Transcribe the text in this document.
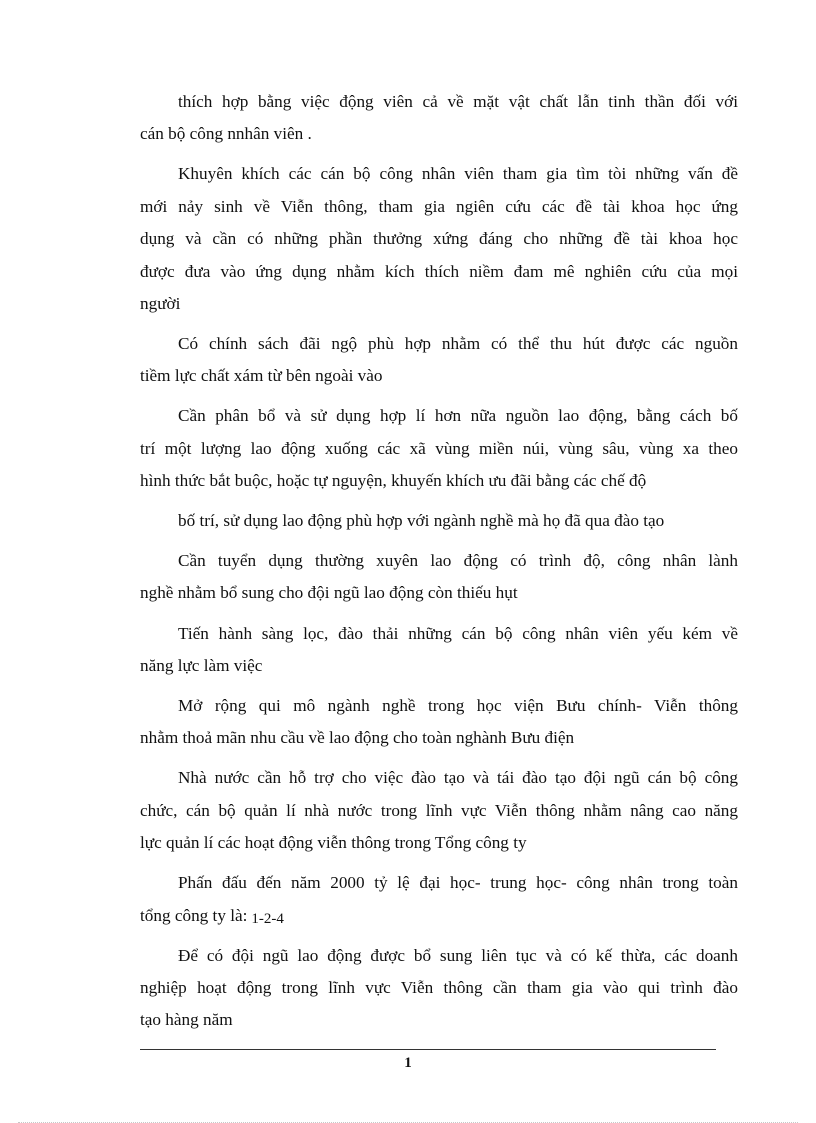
thích hợp bằng việc động viên cả về mặt vật chất lẫn tinh thần đối với
cán bộ công nnhân viên .
Khuyên khích các cán bộ công nhân viên tham gia tìm tòi những vấn đề
mới nảy sinh về Viễn thông, tham gia ngiên cứu các đề tài khoa học ứng
dụng và cần có những phần thưởng xứng đáng cho những đề tài khoa học
được đưa vào ứng dụng nhằm kích thích niềm đam mê nghiên cứu của mọi
người
Có chính sách đãi ngộ phù hợp nhằm có thể thu hút được các nguồn
tiềm lực chất xám từ bên ngoài vào
Cần phân bổ và sử dụng hợp lí hơn nữa nguồn lao động, bằng cách bố
trí một lượng lao động xuống các xã vùng miền núi, vùng sâu, vùng xa theo
hình thức bắt buộc, hoặc tự nguyện, khuyến khích ưu đãi bằng các chế độ
bố trí, sử dụng lao động phù hợp với ngành nghề mà họ đã qua đào tạo
Cần tuyển dụng thường xuyên lao động có trình độ, công nhân lành
nghề nhằm bổ sung cho đội ngũ lao động còn thiếu hụt
Tiến hành sàng lọc, đào thải những cán bộ công nhân viên yếu kém về
năng lực làm việc
Mở rộng qui mô ngành nghề trong học viện Bưu chính- Viễn thông
nhằm thoả mãn nhu cầu về lao động cho toàn nghành Bưu điện
Nhà nước cần hỗ trợ cho việc đào tạo và tái đào tạo đội ngũ cán bộ công
chức, cán bộ quản lí nhà nước trong lĩnh vực Viễn thông nhằm nâng cao năng
lực quản lí các hoạt động viễn thông trong Tổng công ty
Phấn đấu đến năm 2000 tỷ lệ đại học- trung học- công nhân trong toàn
tổng công ty là: 1-2-4
Để có đội ngũ lao động được bổ sung liên tục và có kế thừa, các doanh
nghiệp hoạt động trong lĩnh vực Viễn thông cần tham gia vào qui trình đào
tạo hàng năm
1
